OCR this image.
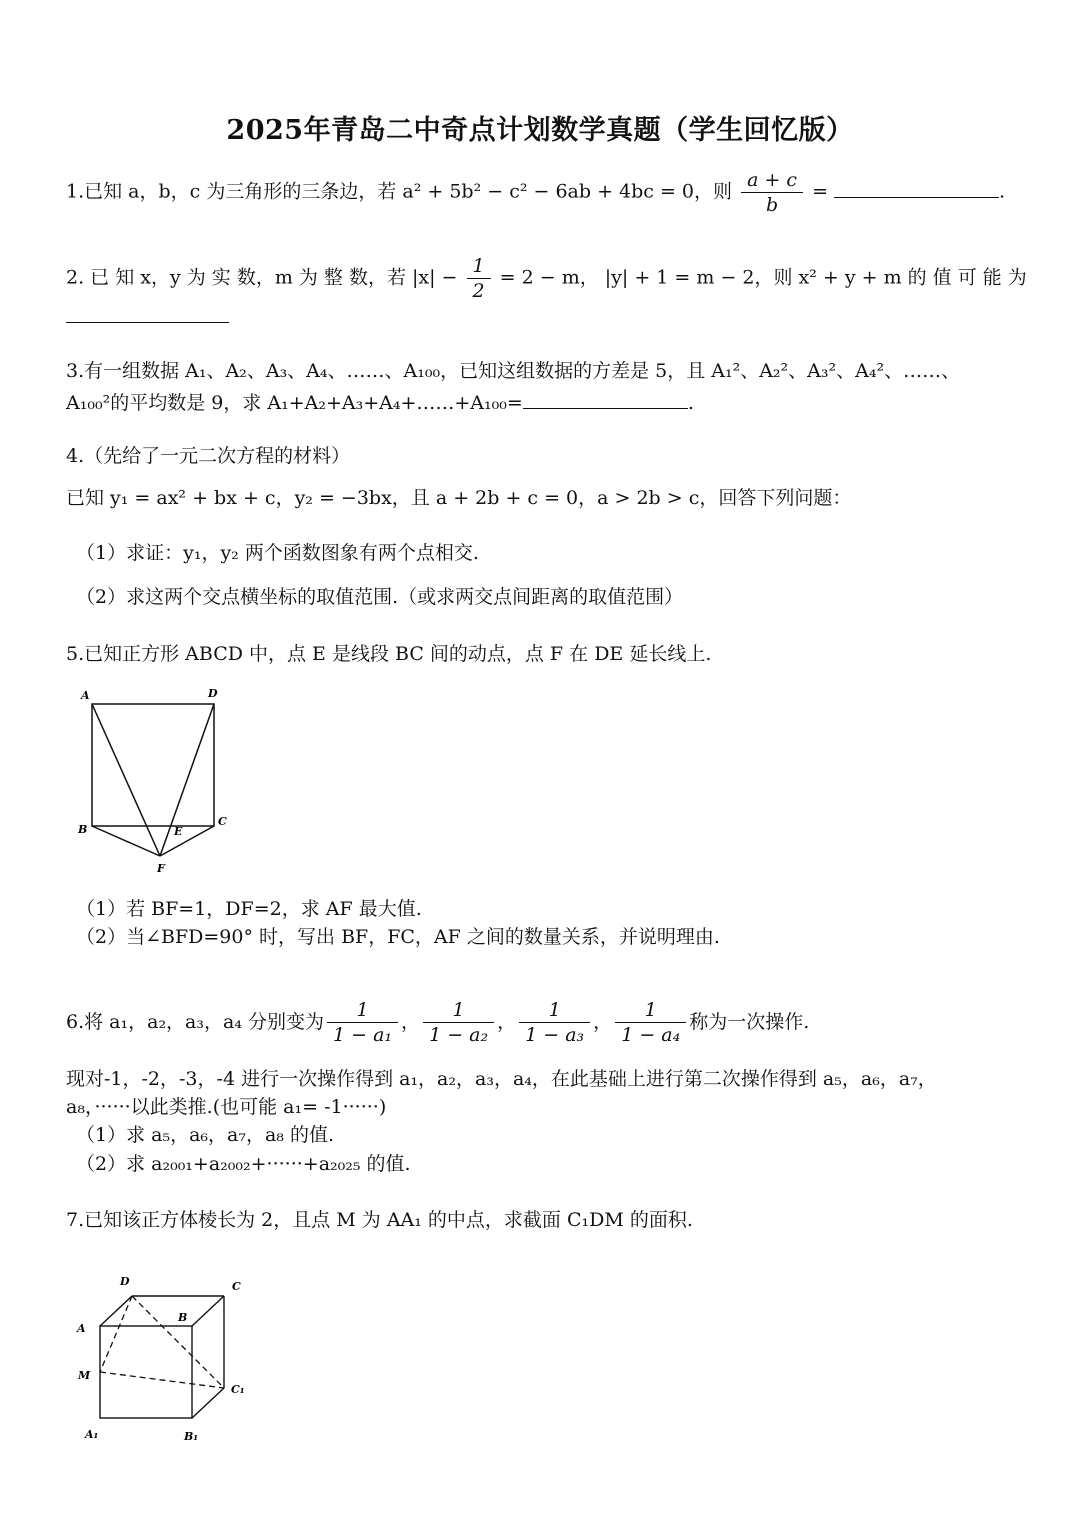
2025年青岛二中奇点计划数学真题（学生回忆版）
1.已知 a，b，c 为三角形的三条边，若 a² + 5b² − c² − 6ab + 4bc = 0，则 $\frac{a + c}{b}$ =	.
2. 已 知 x，y 为 实 数，m 为 整 数，若 $|x| - \frac{1}{2} = 2 - m$， |y| + 1 = m − 2，则 x² + y + m 的 值 可 能 为
3.有一组数据 A₁、A₂、A₃、A₄、……、A₁₀₀，已知这组数据的方差是 5，且 A₁²、A₂²、A₃²、A₄²、……、
A₁₀₀²的平均数是 9，求 A₁+A₂+A₃+A₄+……+A₁₀₀=	.
4.（先给了一元二次方程的材料）
已知 y₁ = ax² + bx + c，y₂ = −3bx，且 a + 2b + c = 0，a > 2b > c，回答下列问题：
（1）求证：y₁，y₂ 两个函数图象有两个点相交.
（2）求这两个交点横坐标的取值范围.（或求两交点间距离的取值范围）
5.已知正方形 ABCD 中，点 E 是线段 BC 间的动点，点 F 在 DE 延长线上.
A	D
B
C
E
F
（1）若 BF=1，DF=2，求 AF 最大值.
（2）当∠BFD=90° 时，写出 BF，FC，AF 之间的数量关系，并说明理由.
6.将 a₁，a₂，a₃，a₄ 分别变为 $\frac{1}{\text{1 − a₁}}$ ， $\frac{1}{\text{1 − a₂}}$ ， $\frac{1}{\text{1 − a₃}}$ ， $\frac{1}{\text{1 − a₄}}$ 称为一次操作.
现对-1，-2，-3，-4 进行一次操作得到 a₁，a₂，a₃，a₄，在此基础上进行第二次操作得到 a₅，a₆，a₇，
a₈，······以此类推.(也可能 a₁= -1······)
（1）求 a₅，a₆，a₇，a₈ 的值.
（2）求 a₂₀₀₁+a₂₀₀₂+······+a₂₀₂₅ 的值.
7.已知该正方体棱长为 2，且点 M 为 AA₁ 的中点，求截面 C₁DM 的面积.
D	C
A
B
M
C₁
A₁	B₁
